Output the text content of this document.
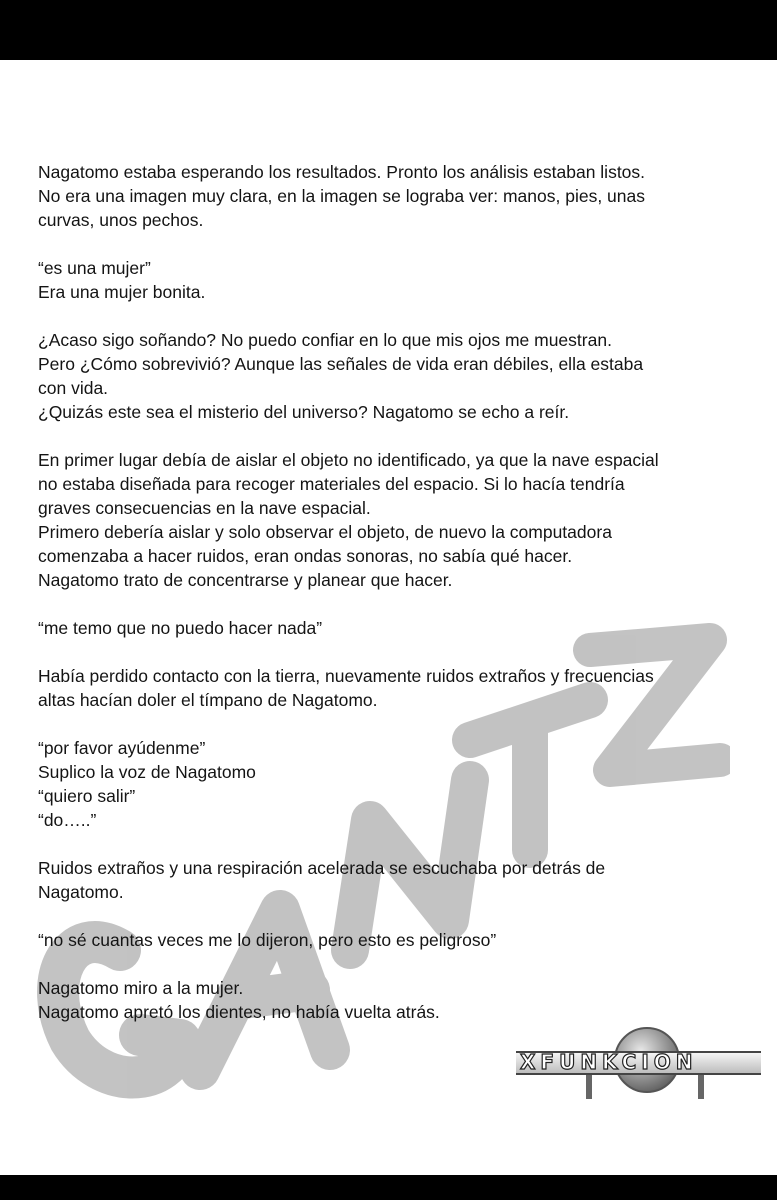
Nagatomo estaba esperando los resultados. Pronto los análisis estaban listos.
No era una imagen muy clara, en la imagen se lograba ver: manos, pies, unas
curvas, unos pechos.

“es una mujer”
Era una mujer bonita.

¿Acaso sigo soñando? No puedo confiar en lo que mis ojos me muestran.
Pero ¿Cómo sobrevivió? Aunque las señales de vida eran débiles, ella estaba
con vida.
¿Quizás este sea el misterio del universo? Nagatomo se echo a reír.

En primer lugar debía de aislar el objeto no identificado, ya que la nave espacial
no estaba diseñada para recoger materiales del espacio. Si lo hacía tendría
graves consecuencias en la nave espacial.
Primero debería aislar y solo observar el objeto, de nuevo la computadora
comenzaba a hacer ruidos, eran ondas sonoras, no sabía qué hacer.
Nagatomo trato de concentrarse y planear que hacer.

“me temo que no puedo hacer nada”

Había perdido contacto con la tierra, nuevamente ruidos extraños y frecuencias
altas hacían doler el tímpano de Nagatomo.

“por favor ayúdenme”
Suplico la voz de Nagatomo
“quiero salir”
“do…..”

Ruidos extraños y una respiración acelerada se escuchaba por detrás de
Nagatomo.

“no sé cuantas veces me lo dijeron, pero esto es peligroso”

Nagatomo miro a la mujer.
Nagatomo apretó los dientes, no había vuelta atrás.

XFUNKCION
